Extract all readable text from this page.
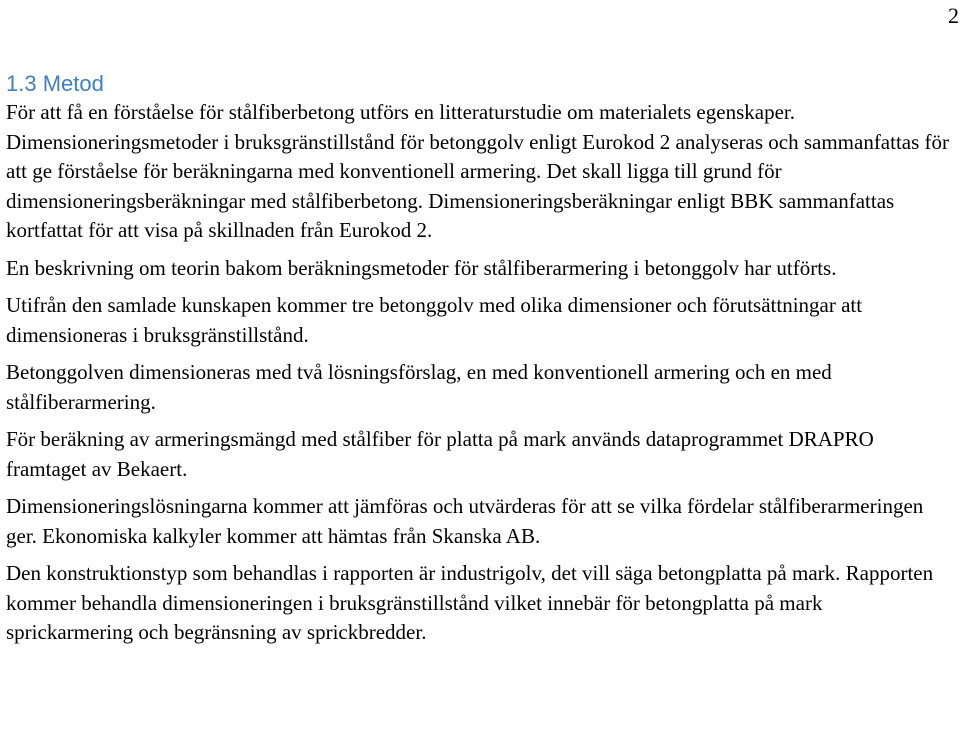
2
1.3 Metod

För att få en förståelse för stålfiberbetong utförs en litteraturstudie om materialets egenskaper. Dimensioneringsmetoder i bruksgränstillstånd för betonggolv enligt Eurokod 2 analyseras och sammanfattas för att ge förståelse för beräkningarna med konventionell armering. Det skall ligga till grund för dimensioneringsberäkningar med stålfiberbetong. Dimensioneringsberäkningar enligt BBK sammanfattas kortfattat för att visa på skillnaden från Eurokod 2.

En beskrivning om teorin bakom beräkningsmetoder för stålfiberarmering i betonggolv har utförts.

Utifrån den samlade kunskapen kommer tre betonggolv med olika dimensioner och förutsättningar att dimensioneras i bruksgränstillstånd.

Betonggolven dimensioneras med två lösningsförslag, en med konventionell armering och en med stålfiberarmering.

För beräkning av armeringsmängd med stålfiber för platta på mark används dataprogrammet DRAPRO framtaget av Bekaert.

Dimensioneringslösningarna kommer att jämföras och utvärderas för att se vilka fördelar stålfiberarmeringen ger. Ekonomiska kalkyler kommer att hämtas från Skanska AB.

Den konstruktionstyp som behandlas i rapporten är industrigolv, det vill säga betongplatta på mark. Rapporten kommer behandla dimensioneringen i bruksgränstillstånd vilket innebär för betongplatta på mark sprickarmering och begränsning av sprickbredder.
